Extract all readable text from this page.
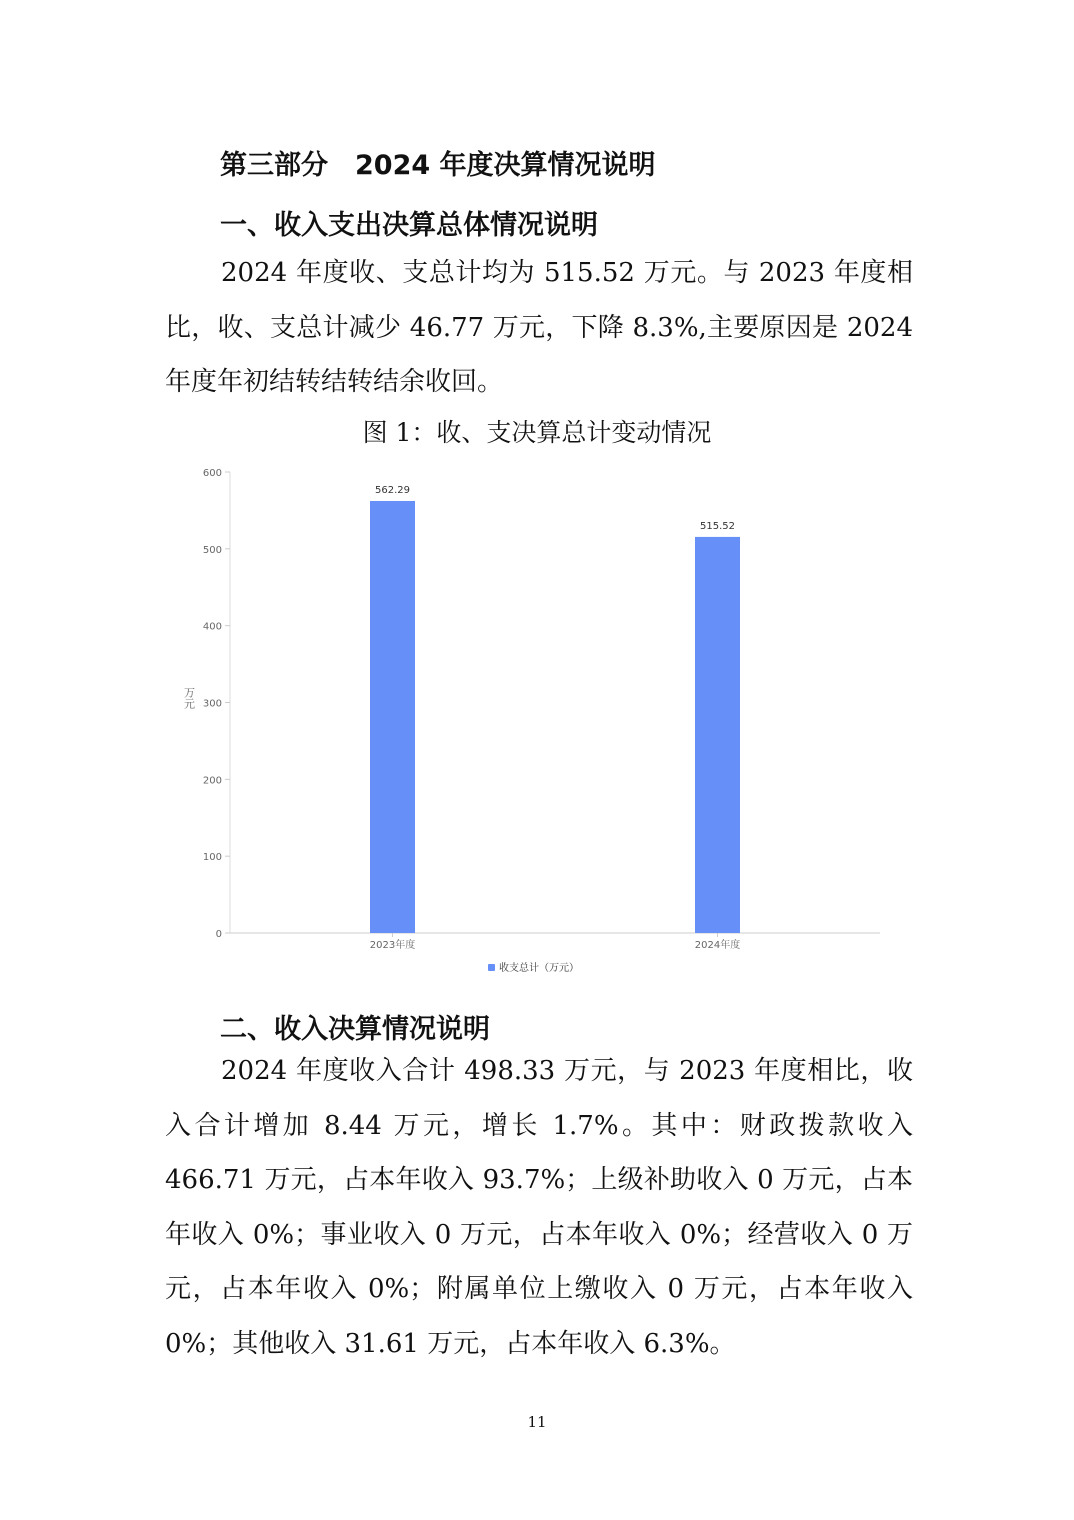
第三部分　2024 年度决算情况说明
一、收入支出决算总体情况说明

2024 年度收、支总计均为 515.52 万元。与 2023 年度相比，收、支总计减少 46.77 万元，下降 8.3%,主要原因是 2024 年度年初结转结转结余收回。

图 1：收、支决算总计变动情况

0
100
200
300
400
500
600
562.29
515.52
2023年度	2024年度
万元
收支总计（万元）
二、收入决算情况说明

2024 年度收入合计 498.33 万元，与 2023 年度相比，收入合计增加 8.44 万元，增长 1.7%。其中：财政拨款收入 466.71 万元，占本年收入 93.7%；上级补助收入 0 万元，占本年收入 0%；事业收入 0 万元，占本年收入 0%；经营收入 0 万元，占本年收入 0%；附属单位上缴收入 0 万元，占本年收入 0%；其他收入 31.61 万元，占本年收入 6.3%。

11
